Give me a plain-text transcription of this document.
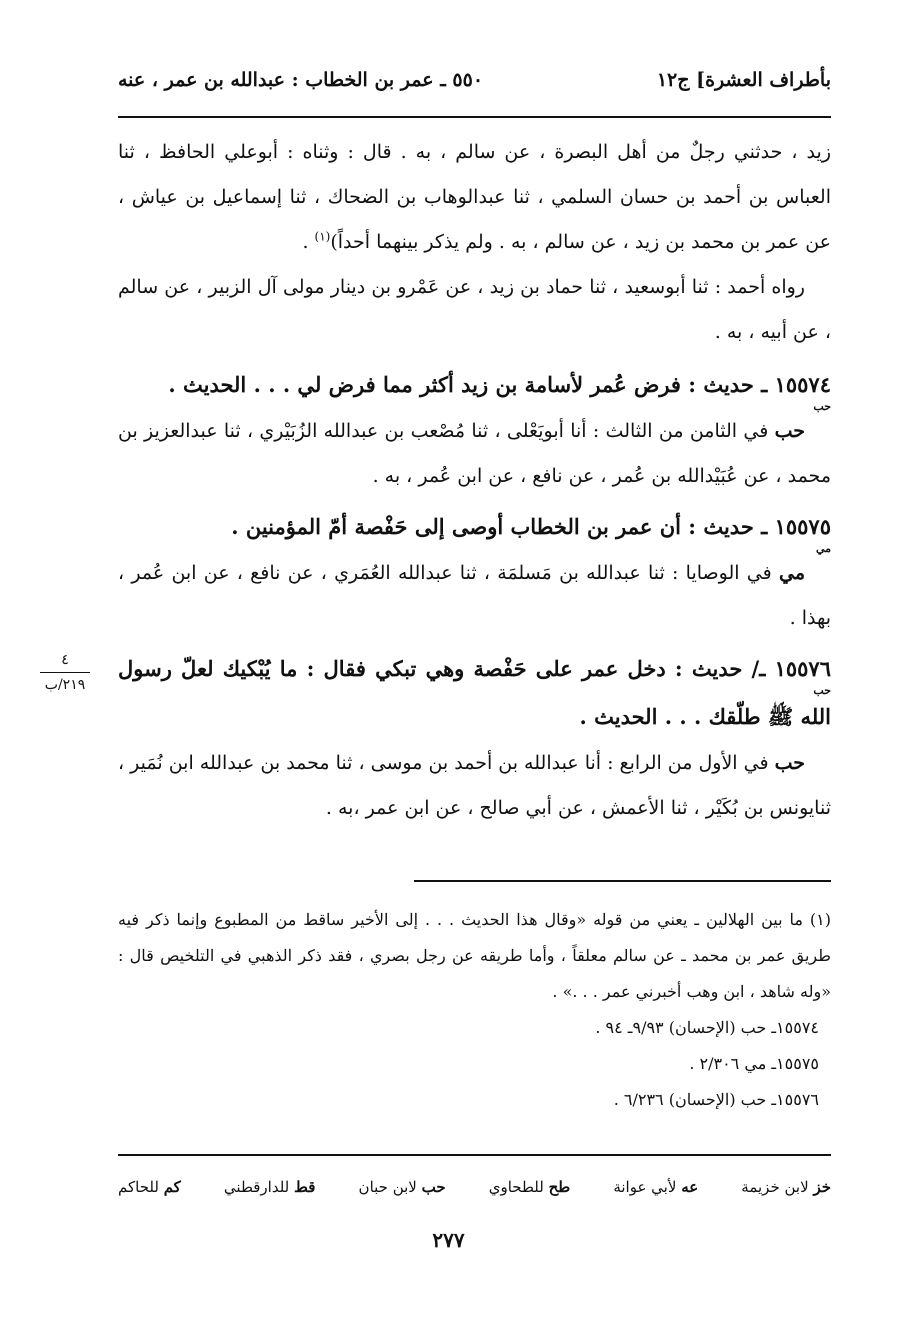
بأطراف العشرة] ج١٢
٥٥٠ ـ عمر بن الخطاب : عبدالله بن عمر ، عنه

زيد ، حدثني رجلٌ من أهل البصرة ، عن سالم ، به . قال : وثناه : أبوعلي الحافظ ، ثنا العباس بن أحمد بن حسان السلمي ، ثنا عبدالوهاب بن الضحاك ، ثنا إسماعيل بن عياش ، عن عمر بن محمد بن زيد ، عن سالم ، به . ولم يذكر بينهما أحداً)$^{(١)}$ .

رواه أحمد : ثنا أبوسعيد ، ثنا حماد بن زيد ، عن عَمْرو بن دينار مولى آل الزبير ، عن سالم ، عن أبيه ، به .

١٥٥٧٤ ـ حديث : فرض عُمر لأسامة بن زيد أكثر مما فرض لي . . . الحديث .

حب

حب في الثامن من الثالث : أنا أبويَعْلى ، ثنا مُصْعب بن عبدالله الزُبَيْري ، ثنا عبدالعزيز بن محمد ، عن عُبَيْدالله بن عُمر ، عن نافع ، عن ابن عُمر ، به .

١٥٥٧٥ ـ حديث : أن عمر بن الخطاب أوصى إلى حَفْصة أمّ المؤمنين .

مي

مي في الوصايا : ثنا عبدالله بن مَسلمَة ، ثنا عبدالله العُمَري ، عن نافع ، عن ابن عُمر ، بهذا .

١٥٥٧٦ ـ/ حديث : دخل عمر على حَفْصة وهي تبكي فقال : ما يُبْكيك لعلّ رسول الله ﷺ طلّقك . . . الحديث .

حب

حب في الأول من الرابع : أنا عبدالله بن أحمد بن موسى ، ثنا محمد بن عبدالله ابن نُمَير ، ثنايونس بن بُكَيْر ، ثنا الأعمش ، عن أبي صالح ، عن ابن عمر ،به .

٤
٢١٩/ب

(١) ما بين الهلالين ـ يعني من قوله «وقال هذا الحديث . . . إلى الأخير ساقط من المطبوع وإنما ذكر فيه طريق عمر بن محمد ـ عن سالم معلقاً ، وأما طريقه عن رجل بصري ، فقد ذكر الذهبي في التلخيص قال : «وله شاهد ، ابن وهب أخبرني عمر . . .» .

١٥٥٧٤ـ حب (الإحسان) ٩/٩٣ـ ٩٤ .

١٥٥٧٥ـ مي ٢/٣٠٦ .

١٥٥٧٦ـ حب (الإحسان) ٦/٢٣٦ .

خز لابن خزيمة
عه لأبي عوانة
طح للطحاوي
حب لابن حبان
قط للدارقطني
كم للحاكم
٢٧٧
